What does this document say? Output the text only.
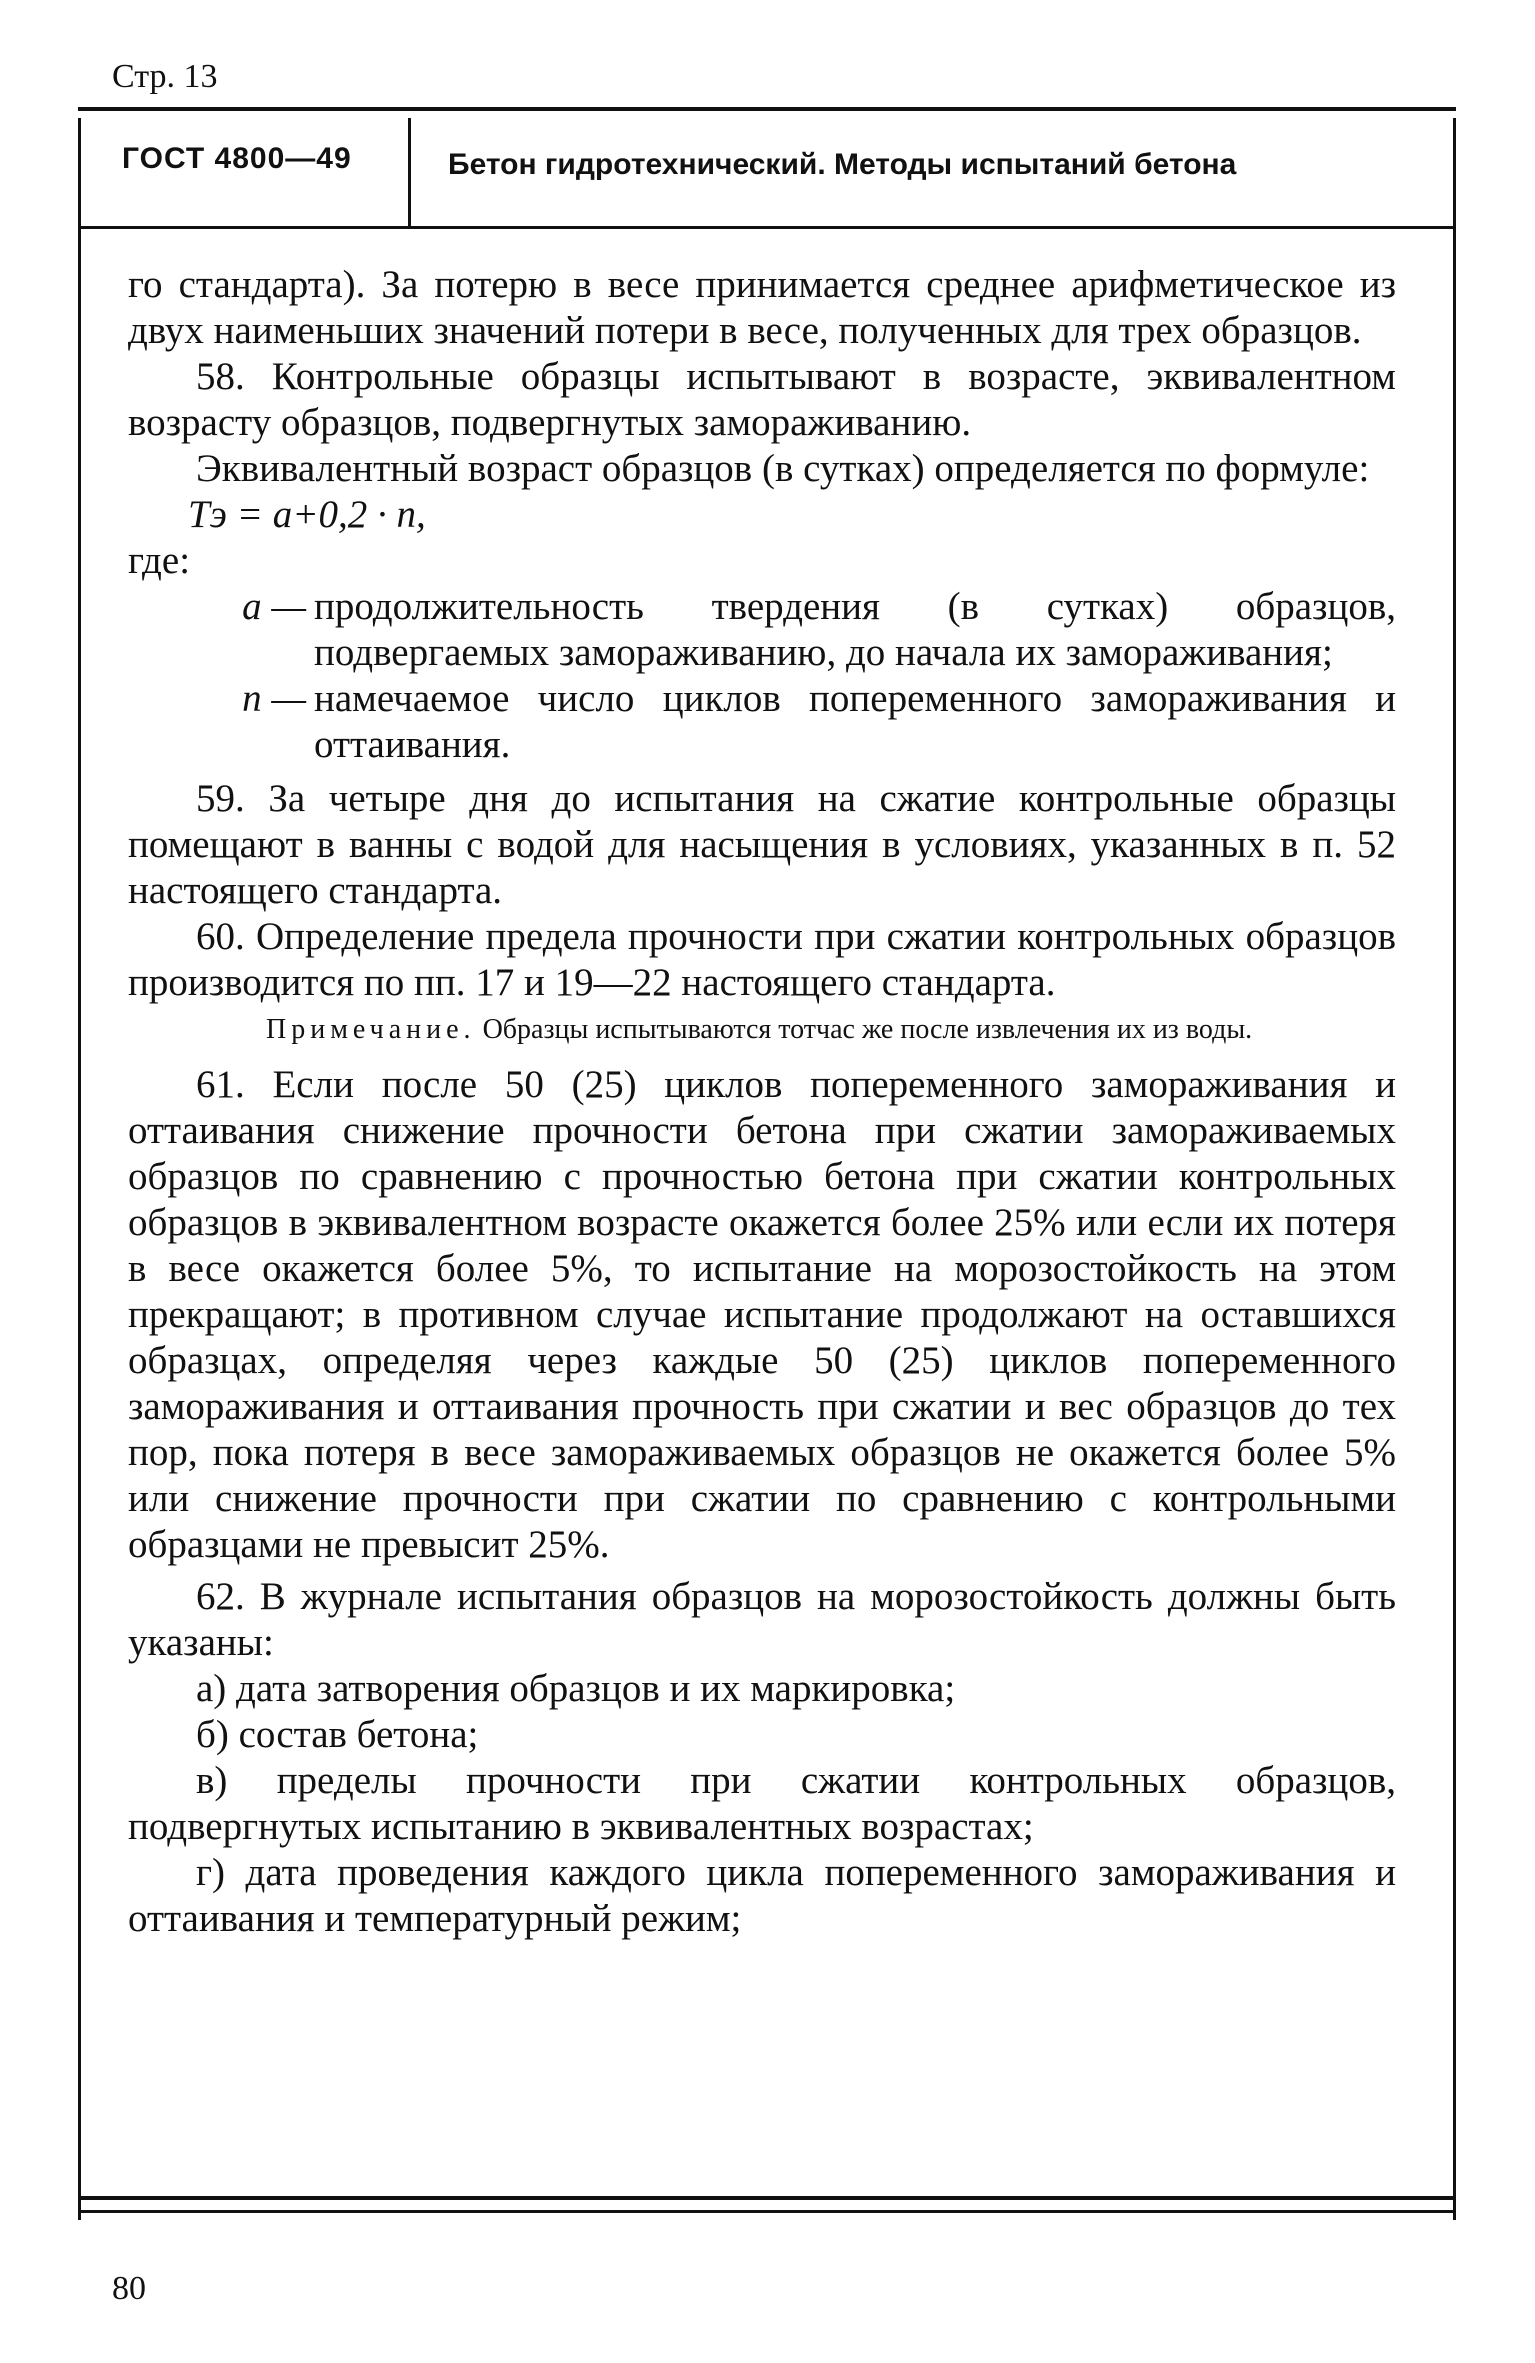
Стр. 13
ГОСТ 4800—49	Бетон гидротехнический. Методы испытаний бетона

го стандарта). За потерю в весе принимается среднее арифметическое из двух наименьших значений потери в весе, полученных для трех образцов.

58. Контрольные образцы испытывают в возрасте, эквивалентном возрасту образцов, подвергнутых замораживанию.

Эквивалентный возраст образцов (в сутках) определяется по формуле:

Tэ = a+0,2 · n,

где:

a — продолжительность твердения (в сутках) образцов, подвергаемых замораживанию, до начала их замораживания;
n — намечаемое число циклов попеременного замораживания и оттаивания.

59. За четыре дня до испытания на сжатие контрольные образцы помещают в ванны с водой для насыщения в условиях, указанных в п. 52 настоящего стандарта.

60. Определение предела прочности при сжатии контрольных образцов производится по пп. 17 и 19—22 настоящего стандарта.

Примечание. Образцы испытываются тотчас же после извлечения их из воды.

61. Если после 50 (25) циклов попеременного замораживания и оттаивания снижение прочности бетона при сжатии замораживаемых образцов по сравнению с прочностью бетона при сжатии контрольных образцов в эквивалентном возрасте окажется более 25% или если их потеря в весе окажется более 5%, то испытание на морозостойкость на этом прекращают; в противном случае испытание продолжают на оставшихся образцах, определяя через каждые 50 (25) циклов попеременного замораживания и оттаивания прочность при сжатии и вес образцов до тех пор, пока потеря в весе замораживаемых образцов не окажется более 5% или снижение прочности при сжатии по сравнению с контрольными образцами не превысит 25%.

62. В журнале испытания образцов на морозостойкость должны быть указаны:

а) дата затворения образцов и их маркировка;

б) состав бетона;

в) пределы прочности при сжатии контрольных образцов, подвергнутых испытанию в эквивалентных возрастах;

г) дата проведения каждого цикла попеременного замораживания и оттаивания и температурный режим;

80
